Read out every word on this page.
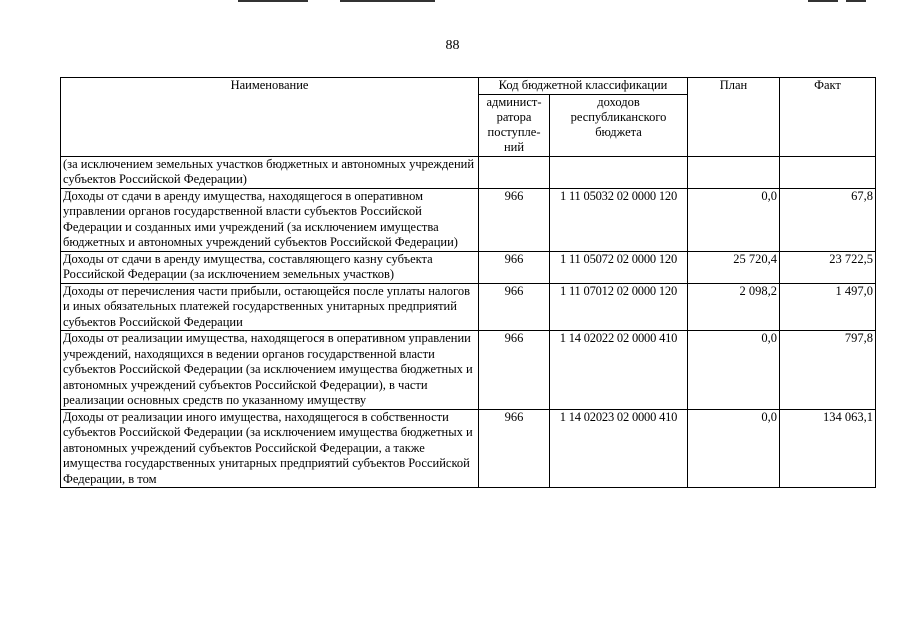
88
Наименование	Код бюджетной классификации		План	Факт
	админист-ратора поступле-ний	доходов республиканского бюджета		
(за исключением земельных участков бюджетных и автономных учреждений субъектов Российской Федерации)				
Доходы от сдачи в аренду имущества, находящегося в оперативном управлении органов государственной власти субъектов Российской Федерации и созданных ими учреждений (за исключением имущества бюджетных и автономных учреждений субъектов Российской Федерации)	966	1 11 05032 02 0000 120	0,0	67,8
Доходы от сдачи в аренду имущества, составляющего казну субъекта Российской Федерации (за исключением земельных участков)	966	1 11 05072 02 0000 120	25 720,4	23 722,5
Доходы от перечисления части прибыли, остающейся после уплаты налогов и иных обязательных платежей государственных унитарных предприятий субъектов Российской Федерации	966	1 11 07012 02 0000 120	2 098,2	1 497,0
Доходы от реализации имущества, находящегося в оперативном управлении учреждений, находящихся в ведении органов государственной власти субъектов Российской Федерации (за исключением имущества бюджетных и автономных учреждений субъектов Российской Федерации), в части реализации основных средств по указанному имуществу	966	1 14 02022 02 0000 410	0,0	797,8
Доходы от реализации иного имущества, находящегося в собственности субъектов Российской Федерации (за исключением имущества бюджетных и автономных учреждений субъектов Российской Федерации, а также имущества государственных унитарных предприятий субъектов Российской Федерации, в том	966	1 14 02023 02 0000 410	0,0	134 063,1
